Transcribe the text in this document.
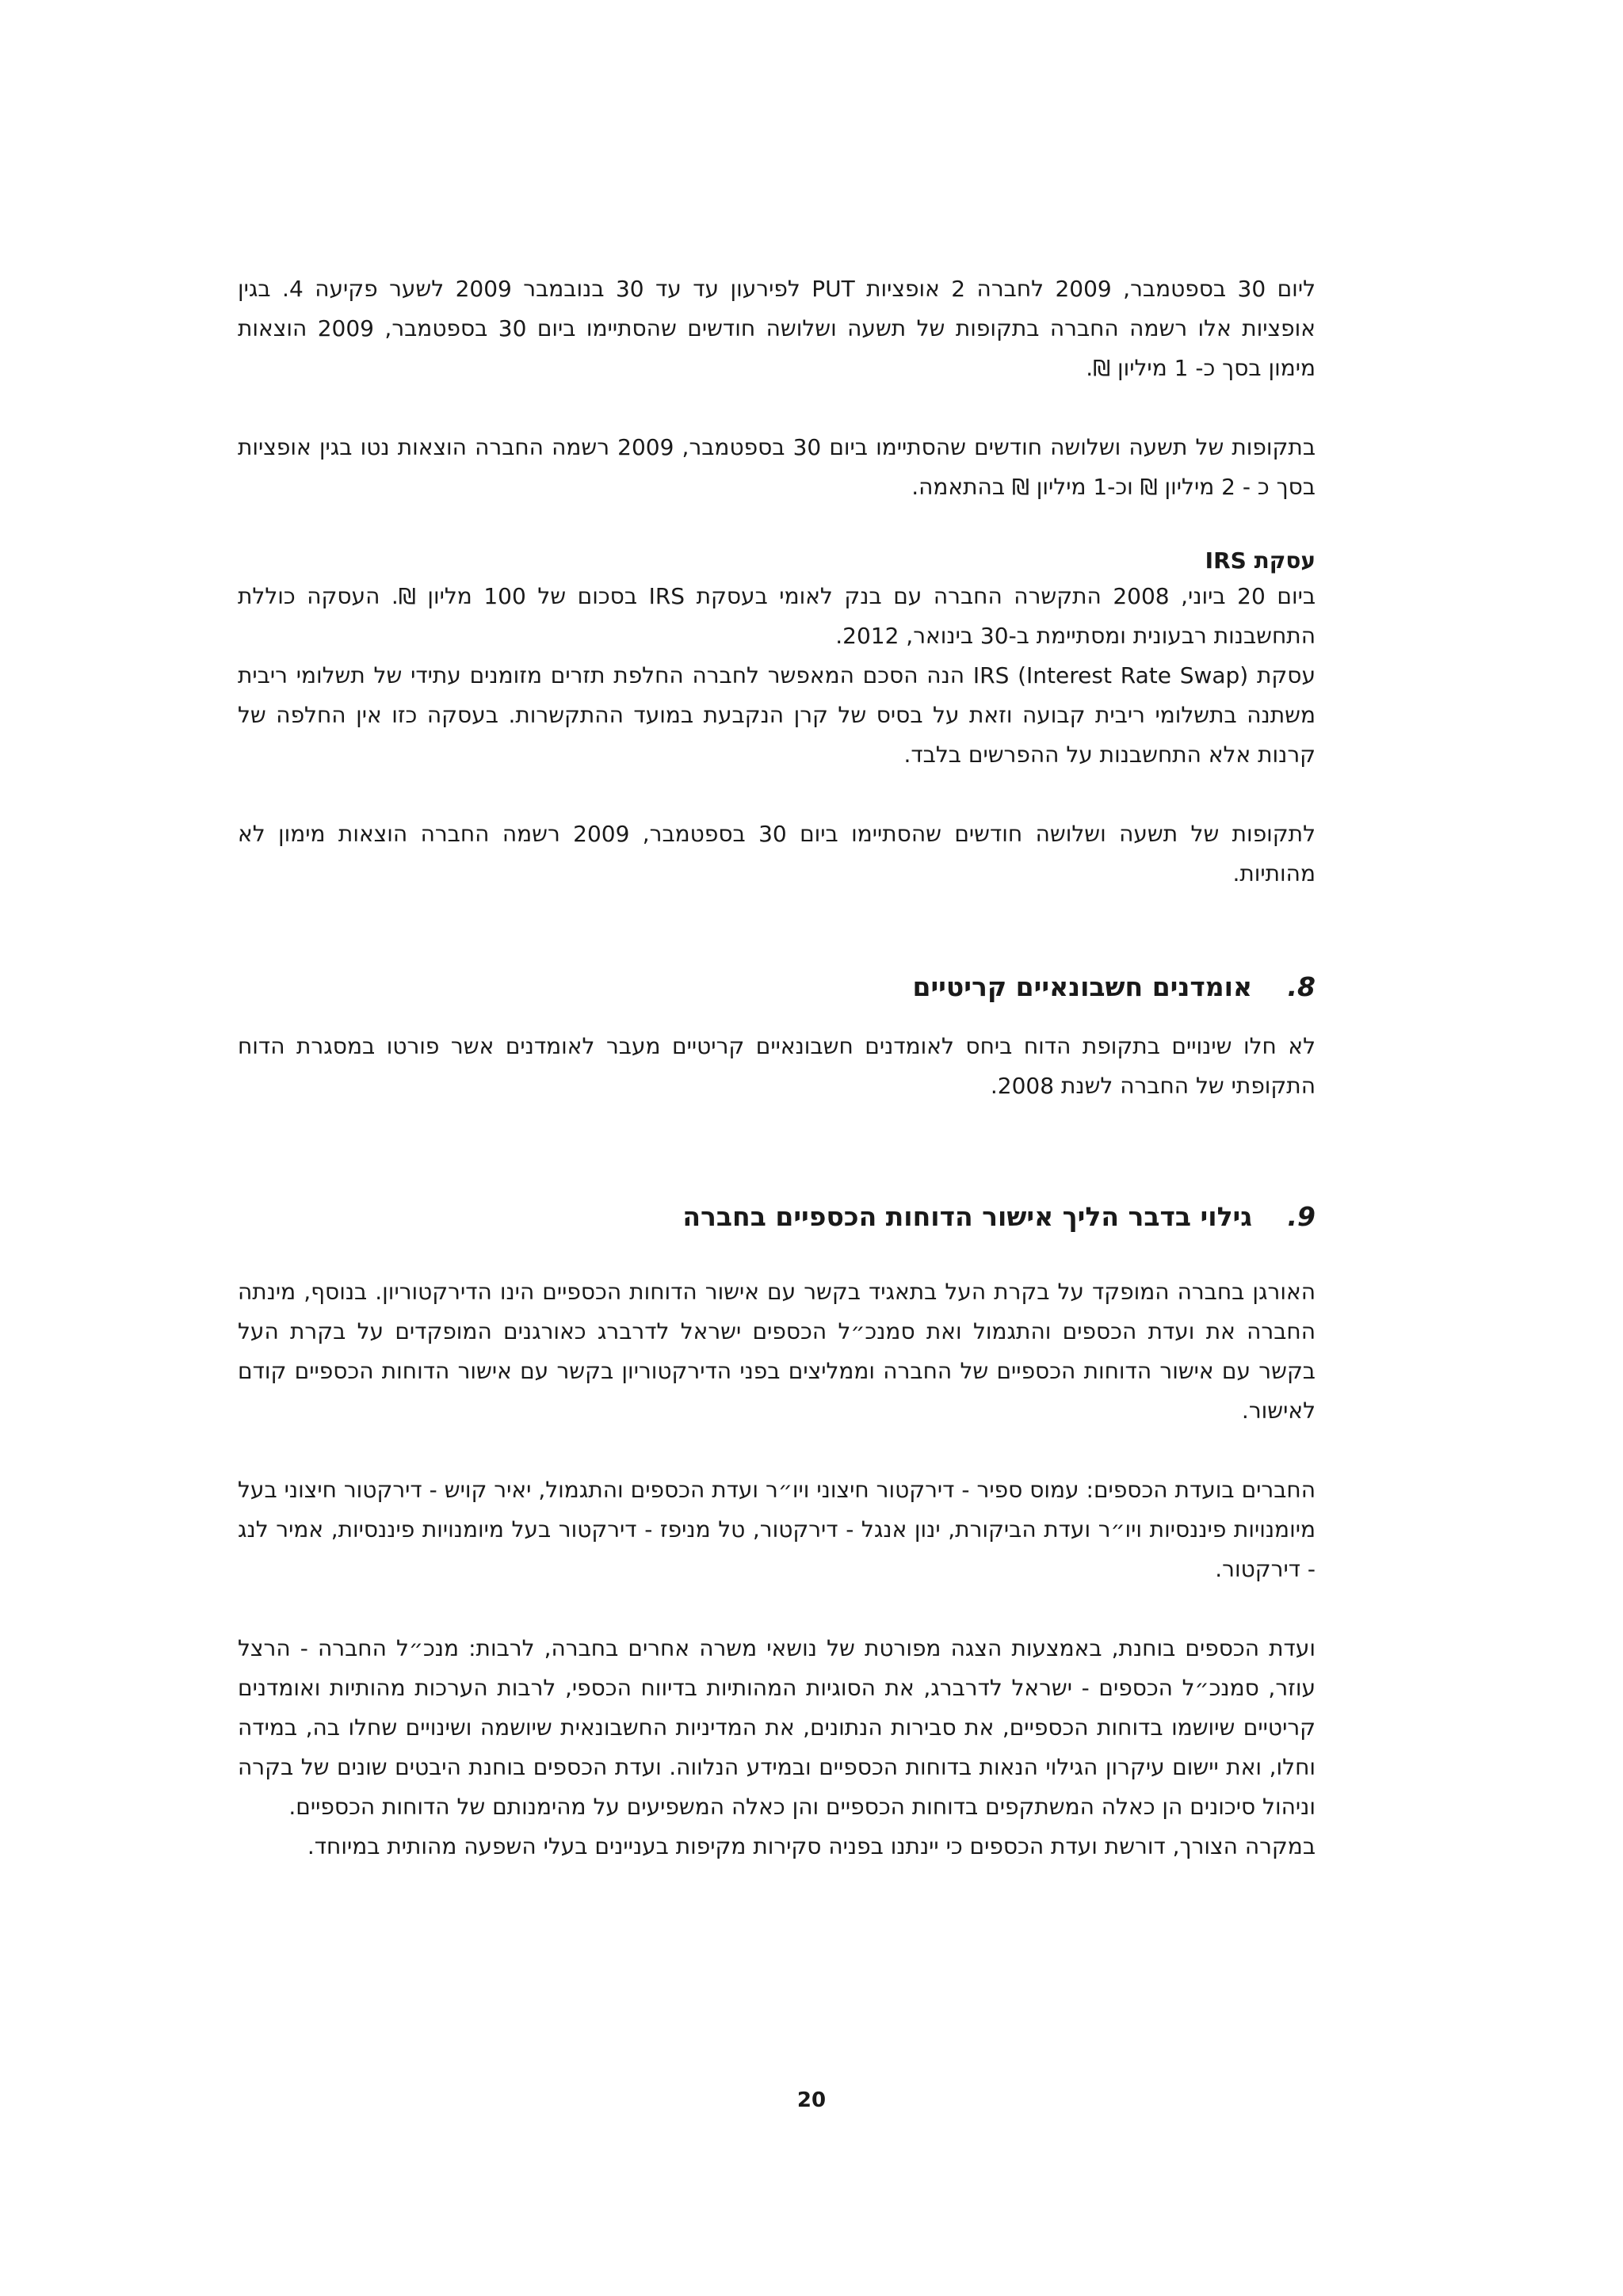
ליום 30 בספטמבר, 2009 לחברה 2 אופציות PUT לפירעון עד עד 30 בנובמבר 2009 לשער פקיעה 4. בגין אופציות אלו רשמה החברה בתקופות של תשעה ושלושה חודשים שהסתיימו ביום 30 בספטמבר, 2009 הוצאות מימון בסך כ- 1 מיליון ₪.

בתקופות של תשעה ושלושה חודשים שהסתיימו ביום 30 בספטמבר, 2009 רשמה החברה הוצאות נטו בגין אופציות בסך כ - 2 מיליון ₪ וכ-1 מיליון ₪ בהתאמה.

עסקת IRS

ביום 20 ביוני, 2008 התקשרה החברה עם בנק לאומי בעסקת IRS בסכום של 100 מליון ₪. העסקה כוללת התחשבנות רבעונית ומסתיימת ב-30 בינואר, 2012.

עסקת IRS (Interest Rate Swap) הנה הסכם המאפשר לחברה החלפת תזרים מזומנים עתידי של תשלומי ריבית משתנה בתשלומי ריבית קבועה וזאת על בסיס של קרן הנקבעת במועד ההתקשרות. בעסקה כזו אין החלפה של קרנות אלא התחשבנות על ההפרשים בלבד.

לתקופות של תשעה ושלושה חודשים שהסתיימו ביום 30 בספטמבר, 2009 רשמה החברה הוצאות מימון לא מהותיות.

8.
אומדנים חשבונאיים קריטיים

לא חלו שינויים בתקופת הדוח ביחס לאומדנים חשבונאיים קריטיים מעבר לאומדנים אשר פורטו במסגרת הדוח התקופתי של החברה לשנת 2008.

9.
גילוי בדבר הליך אישור הדוחות הכספיים בחברה

האורגן בחברה המופקד על בקרת העל בתאגיד בקשר עם אישור הדוחות הכספיים הינו הדירקטוריון. בנוסף, מינתה החברה את ועדת הכספים והתגמול ואת סמנכ״ל הכספים ישראל לדרברג כאורגנים המופקדים על בקרת העל בקשר עם אישור הדוחות הכספיים של החברה וממליצים בפני הדירקטוריון בקשר עם אישור הדוחות הכספיים קודם לאישור.

החברים בועדת הכספים: עמוס ספיר - דירקטור חיצוני ויו״ר ועדת הכספים והתגמול, יאיר קויש - דירקטור חיצוני בעל מיומנויות פיננסיות ויו״ר ועדת הביקורת, ינון אנגל - דירקטור, טל מניפז - דירקטור בעל מיומנויות פיננסיות, אמיר לנג - דירקטור.

ועדת הכספים בוחנת, באמצעות הצגה מפורטת של נושאי משרה אחרים בחברה, לרבות: מנכ״ל החברה - הרצל עוזר, סמנכ״ל הכספים - ישראל לדרברג, את הסוגיות המהותיות בדיווח הכספי, לרבות הערכות מהותיות ואומדנים קריטיים שיושמו בדוחות הכספיים, את סבירות הנתונים, את המדיניות החשבונאית שיושמה ושינויים שחלו בה, במידה וחלו, ואת יישום עיקרון הגילוי הנאות בדוחות הכספיים ובמידע הנלווה. ועדת הכספים בוחנת היבטים שונים של בקרה וניהול סיכונים הן כאלה המשתקפים בדוחות הכספיים והן כאלה המשפיעים על מהימנותם של הדוחות הכספיים.

במקרה הצורך, דורשת ועדת הכספים כי יינתנו בפניה סקירות מקיפות בעניינים בעלי השפעה מהותית במיוחד.

20
